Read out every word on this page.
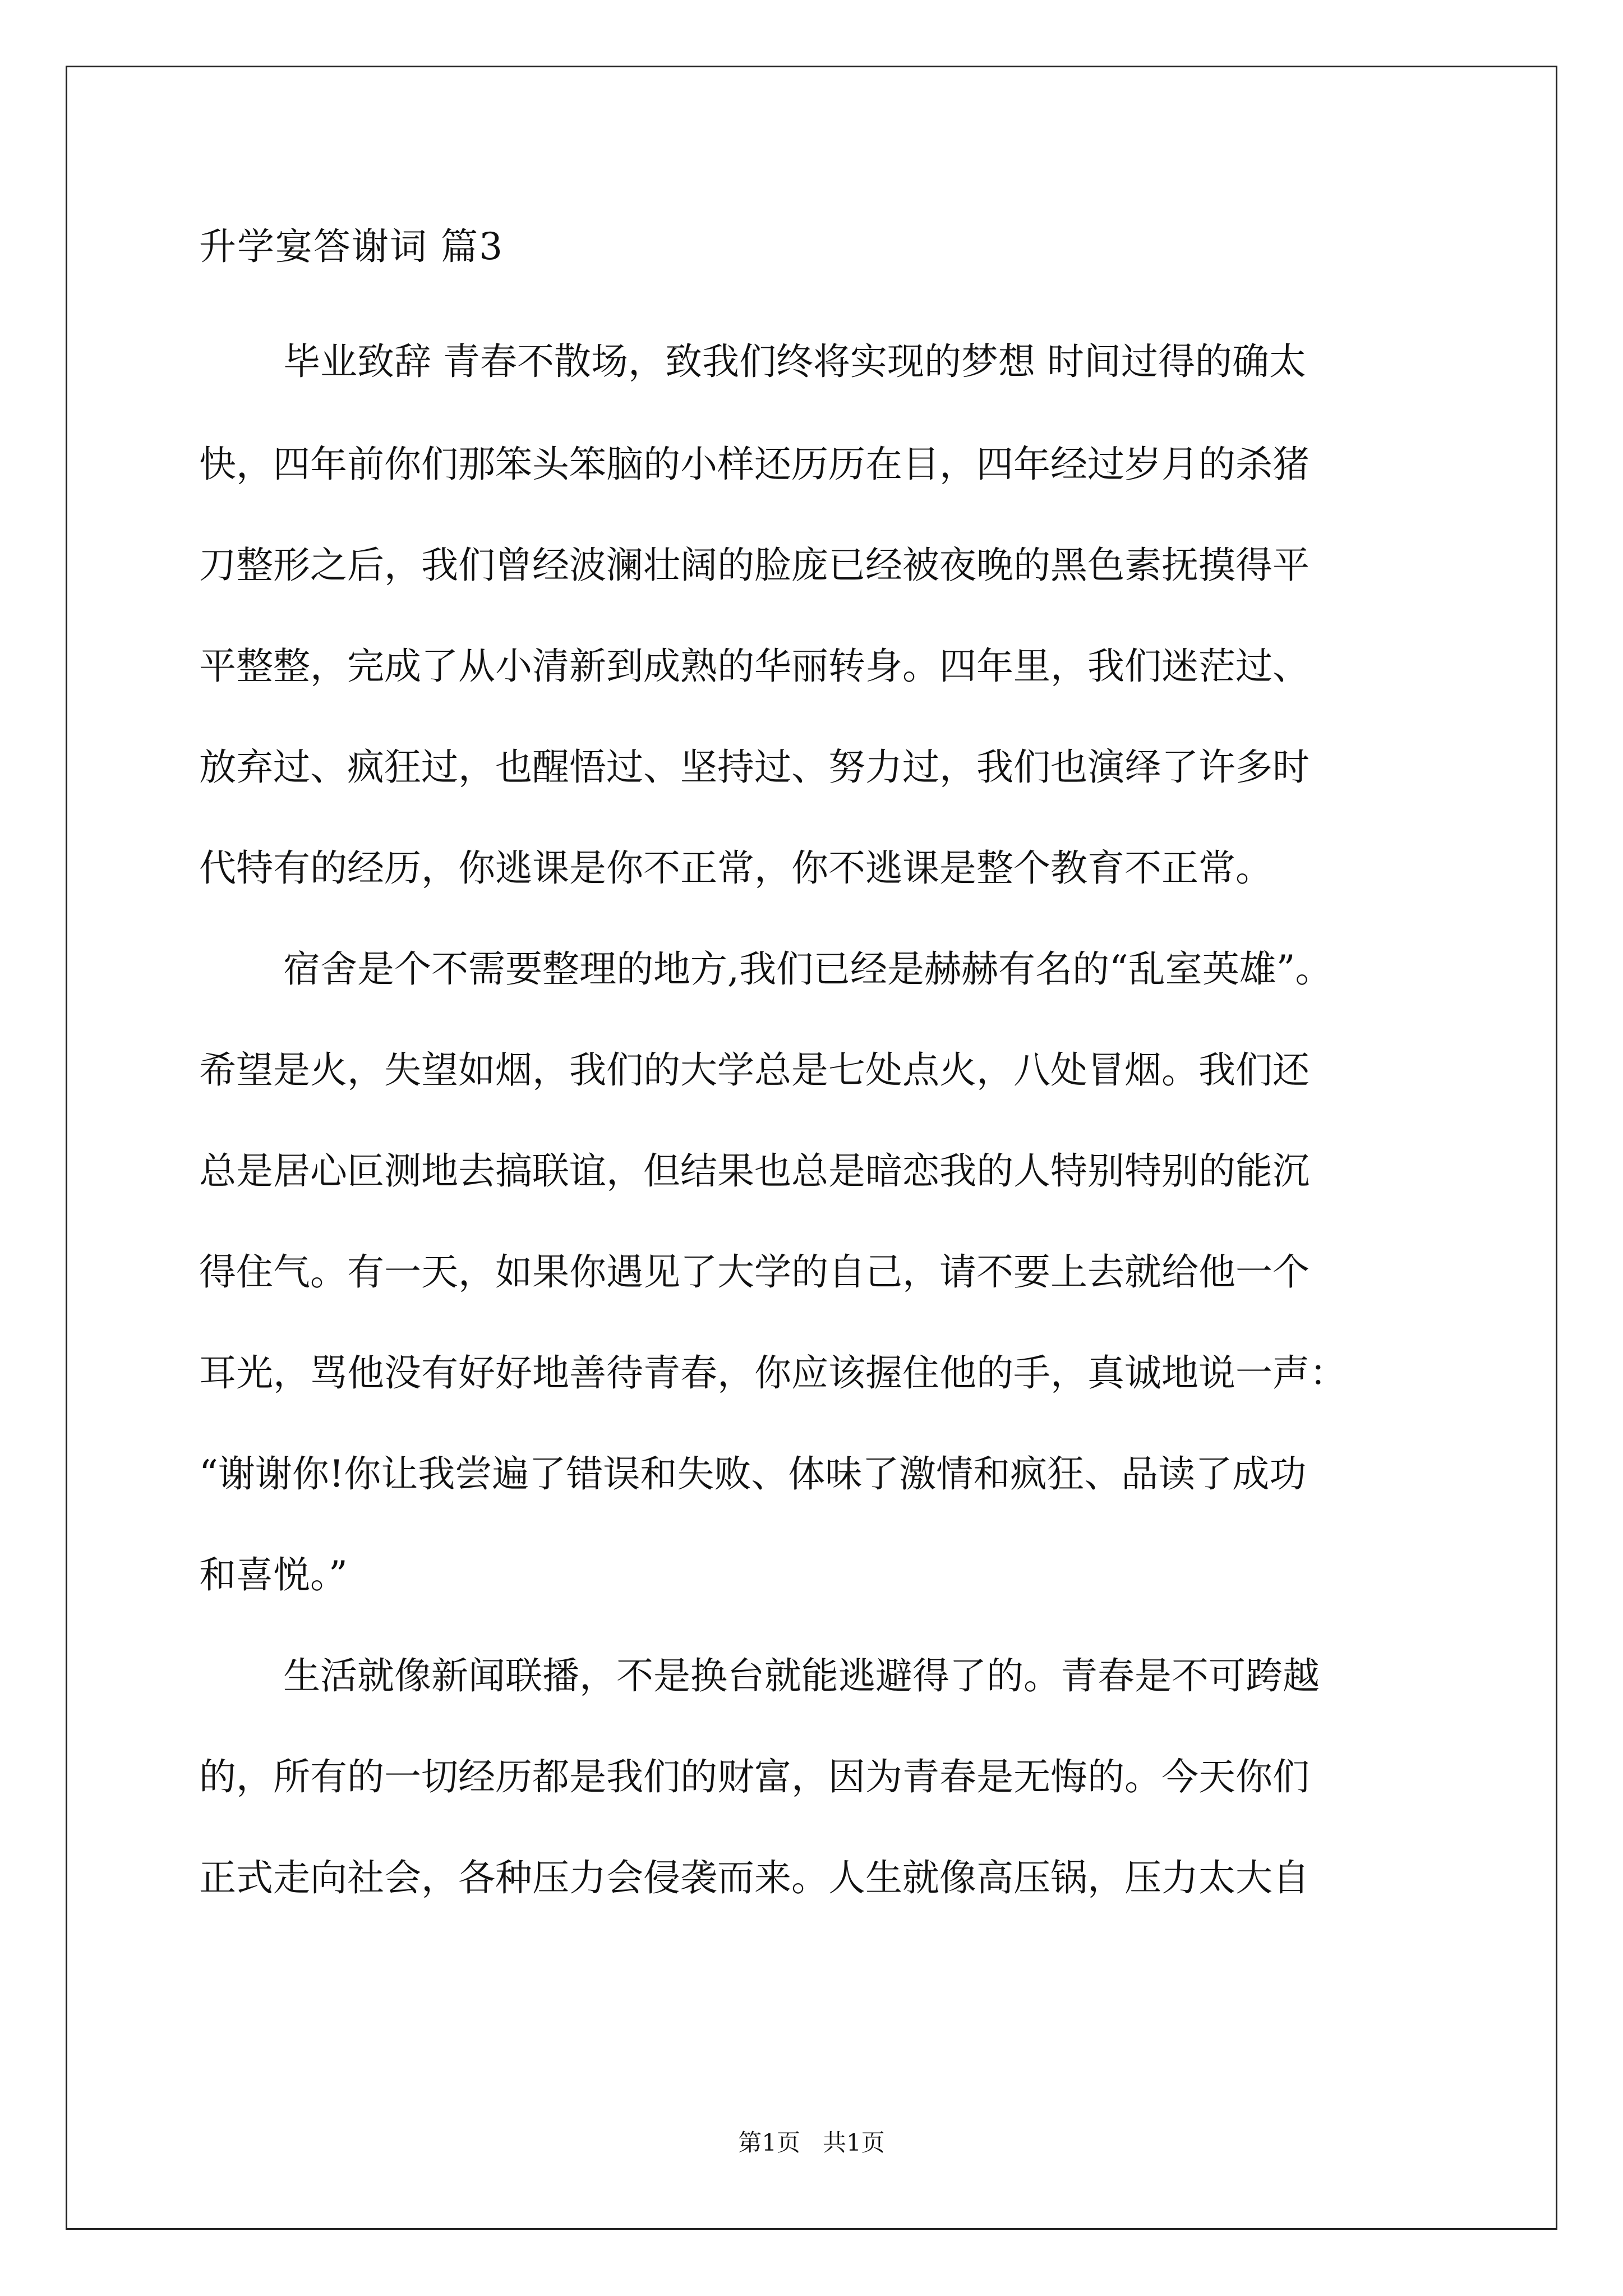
升学宴答谢词 篇3
毕业致辞 青春不散场，致我们终将实现的梦想 时间过得的确太
快，四年前你们那笨头笨脑的小样还历历在目，四年经过岁月的杀猪
刀整形之后，我们曾经波澜壮阔的脸庞已经被夜晚的黑色素抚摸得平
平整整，完成了从小清新到成熟的华丽转身。四年里，我们迷茫过、
放弃过、疯狂过，也醒悟过、坚持过、努力过，我们也演绎了许多时
代特有的经历，你逃课是你不正常，你不逃课是整个教育不正常。
宿舍是个不需要整理的地方,我们已经是赫赫有名的“乱室英雄”。
希望是火，失望如烟，我们的大学总是七处点火，八处冒烟。我们还
总是居心叵测地去搞联谊，但结果也总是暗恋我的人特别特别的能沉
得住气。有一天，如果你遇见了大学的自己，请不要上去就给他一个
耳光，骂他没有好好地善待青春，你应该握住他的手，真诚地说一声：
“谢谢你!你让我尝遍了错误和失败、体味了激情和疯狂、品读了成功
和喜悦。”
生活就像新闻联播，不是换台就能逃避得了的。青春是不可跨越
的，所有的一切经历都是我们的财富，因为青春是无悔的。今天你们
正式走向社会，各种压力会侵袭而来。人生就像高压锅，压力太大自
第1页   共1页
